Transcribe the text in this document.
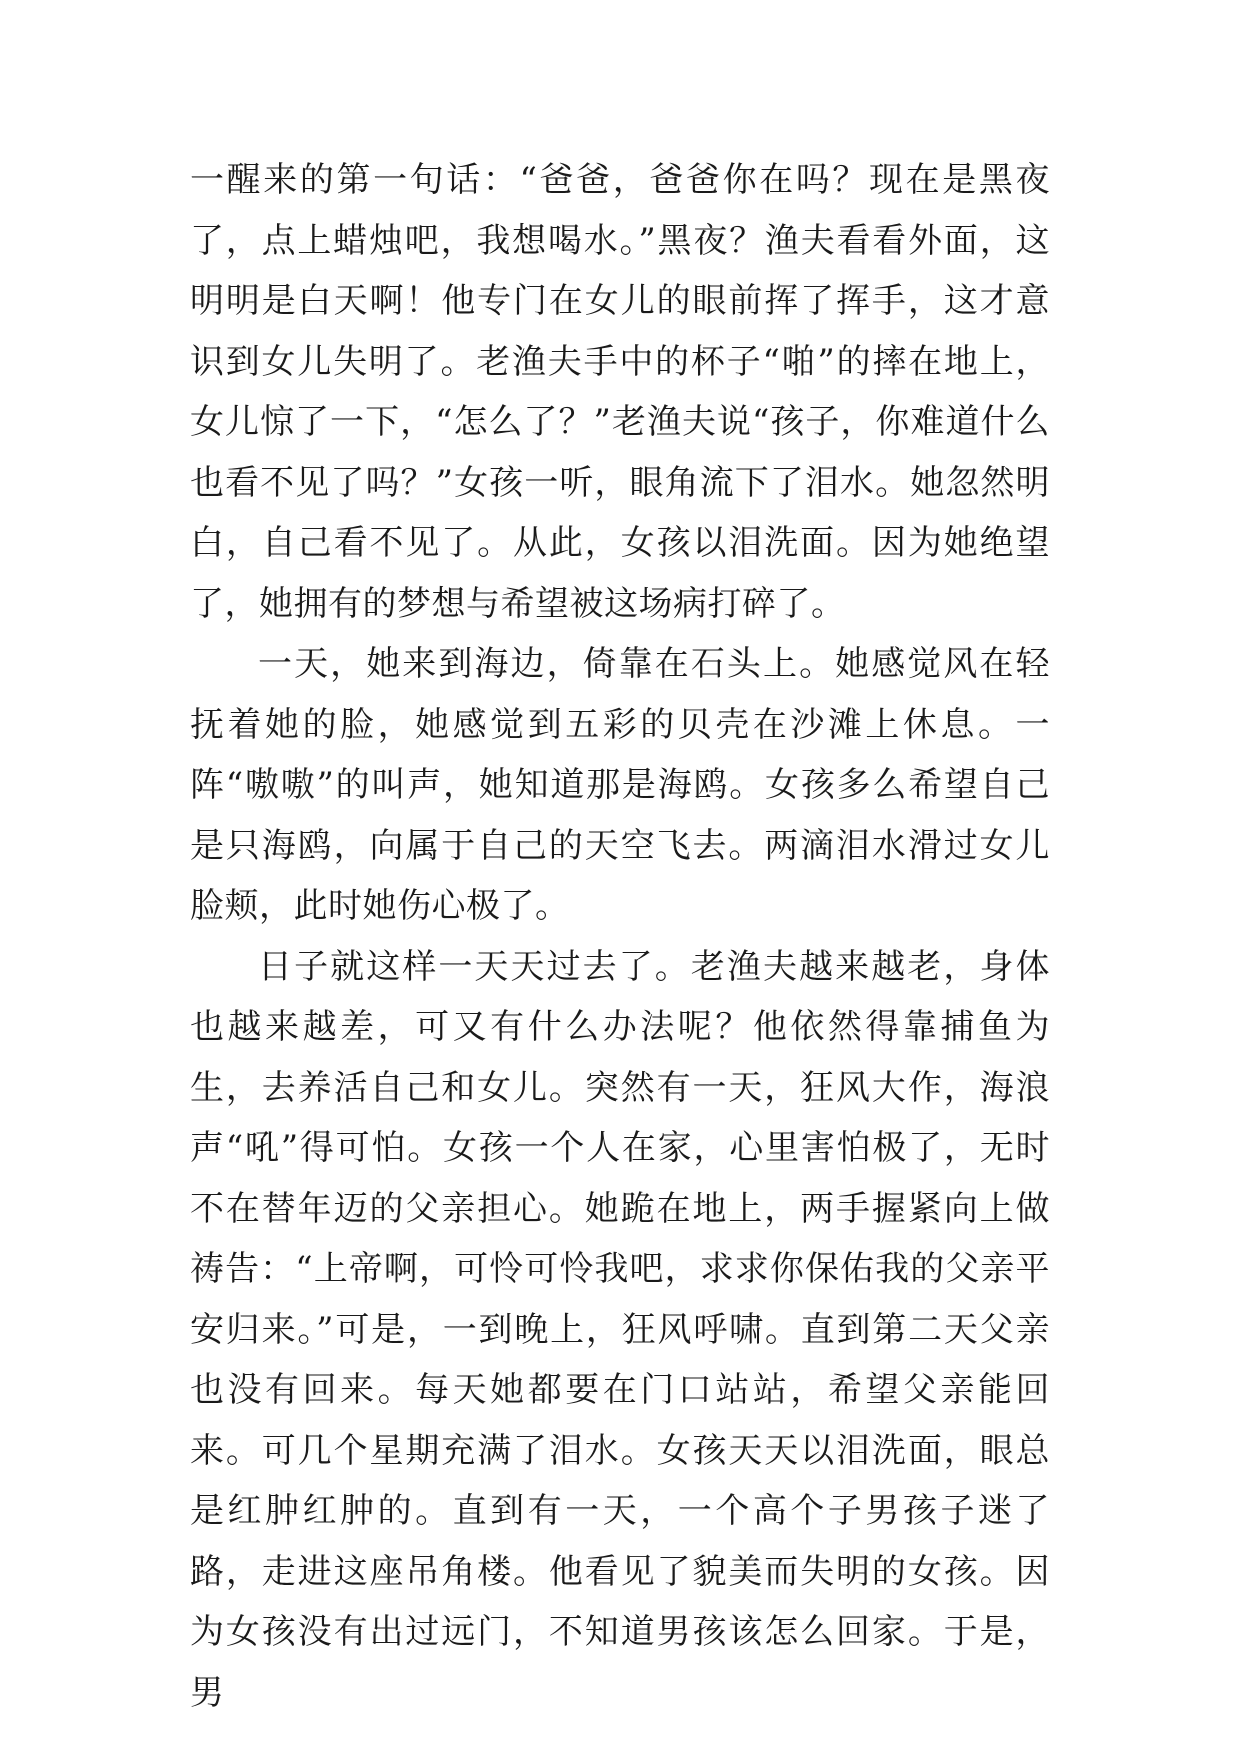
一醒来的第一句话：“爸爸，爸爸你在吗？现在是黑夜了，点上蜡烛吧，我想喝水。”黑夜？渔夫看看外面，这明明是白天啊！他专门在女儿的眼前挥了挥手，这才意识到女儿失明了。老渔夫手中的杯子“啪”的摔在地上，女儿惊了一下，“怎么了？”老渔夫说“孩子，你难道什么也看不见了吗？”女孩一听，眼角流下了泪水。她忽然明白，自己看不见了。从此，女孩以泪洗面。因为她绝望了，她拥有的梦想与希望被这场病打碎了。

一天，她来到海边，倚靠在石头上。她感觉风在轻抚着她的脸，她感觉到五彩的贝壳在沙滩上休息。一阵“嗷嗷”的叫声，她知道那是海鸥。女孩多么希望自己是只海鸥，向属于自己的天空飞去。两滴泪水滑过女儿脸颊，此时她伤心极了。

日子就这样一天天过去了。老渔夫越来越老，身体也越来越差，可又有什么办法呢？他依然得靠捕鱼为生，去养活自己和女儿。突然有一天，狂风大作，海浪声“吼”得可怕。女孩一个人在家，心里害怕极了，无时不在替年迈的父亲担心。她跪在地上，两手握紧向上做祷告：“上帝啊，可怜可怜我吧，求求你保佑我的父亲平安归来。”可是，一到晚上，狂风呼啸。直到第二天父亲也没有回来。每天她都要在门口站站，希望父亲能回来。可几个星期充满了泪水。女孩天天以泪洗面，眼总是红肿红肿的。直到有一天，一个高个子男孩子迷了路，走进这座吊角楼。他看见了貌美而失明的女孩。因为女孩没有出过远门，不知道男孩该怎么回家。于是，男
